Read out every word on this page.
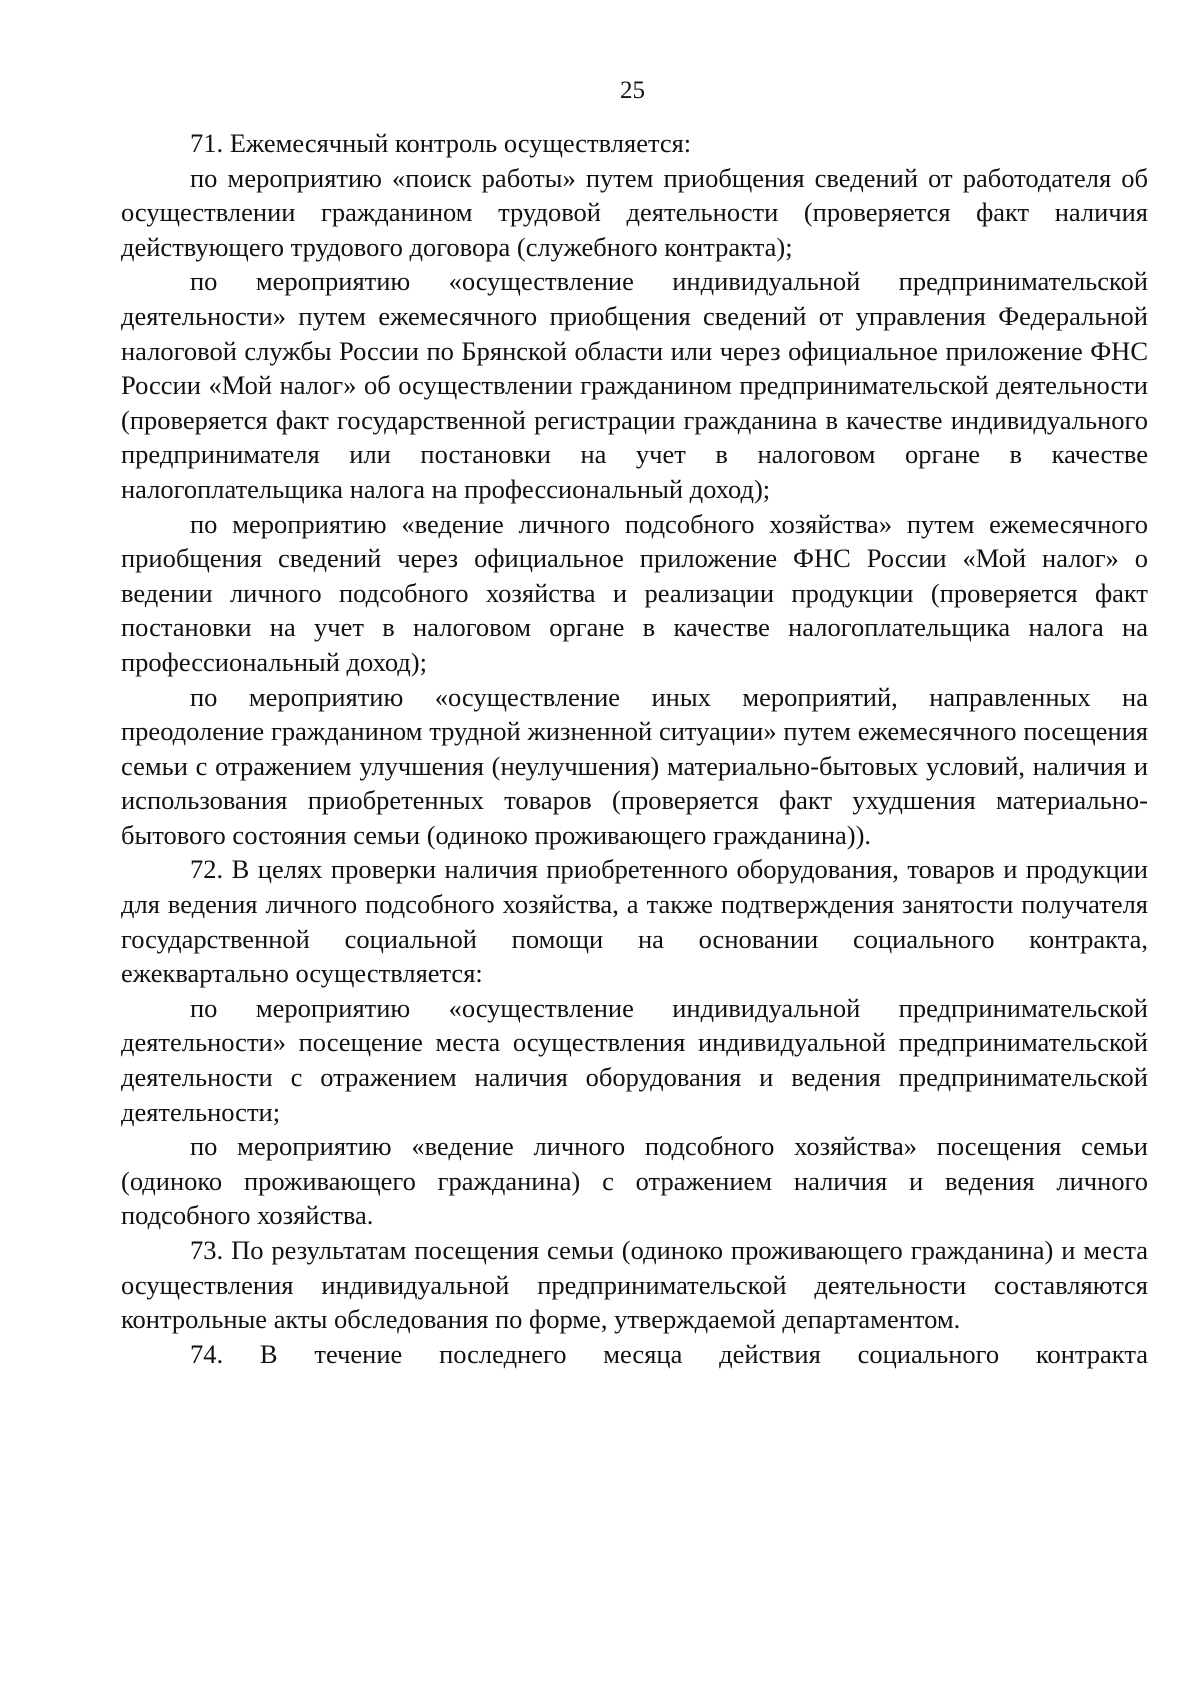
25

71. Ежемесячный контроль осуществляется:

по мероприятию «поиск работы» путем приобщения сведений от работодателя об осуществлении гражданином трудовой деятельности (проверяется факт наличия действующего трудового договора (служебного контракта);

по мероприятию «осуществление индивидуальной предпринимательской деятельности» путем ежемесячного приобщения сведений от управления Федеральной налоговой службы России по Брянской области или через официальное приложение ФНС России «Мой налог» об осуществлении гражданином предпринимательской деятельности (проверяется факт государственной регистрации гражданина в качестве индивидуального предпринимателя или постановки на учет в налоговом органе в качестве налогоплательщика налога на профессиональный доход);

по мероприятию «ведение личного подсобного хозяйства» путем ежемесячного приобщения сведений через официальное приложение ФНС России «Мой налог» о ведении личного подсобного хозяйства и реализации продукции (проверяется факт постановки на учет в налоговом органе в качестве налогоплательщика налога на профессиональный доход);

по мероприятию «осуществление иных мероприятий, направленных на преодоление гражданином трудной жизненной ситуации» путем ежемесячного посещения семьи с отражением улучшения (неулучшения) материально-бытовых условий, наличия и использования приобретенных товаров (проверяется факт ухудшения материально-бытового состояния семьи (одиноко проживающего гражданина)).

72. В целях проверки наличия приобретенного оборудования, товаров и продукции для ведения личного подсобного хозяйства, а также подтверждения занятости получателя государственной социальной помощи на основании социального контракта, ежеквартально осуществляется:

по мероприятию «осуществление индивидуальной предпринимательской деятельности» посещение места осуществления индивидуальной предпринимательской деятельности с отражением наличия оборудования и ведения предпринимательской деятельности;

по мероприятию «ведение личного подсобного хозяйства» посещения семьи (одиноко проживающего гражданина) с отражением наличия и ведения личного подсобного хозяйства.

73. По результатам посещения семьи (одиноко проживающего гражданина) и места осуществления индивидуальной предпринимательской деятельности составляются контрольные акты обследования по форме, утверждаемой департаментом.

74. В течение последнего месяца действия социального контракта
